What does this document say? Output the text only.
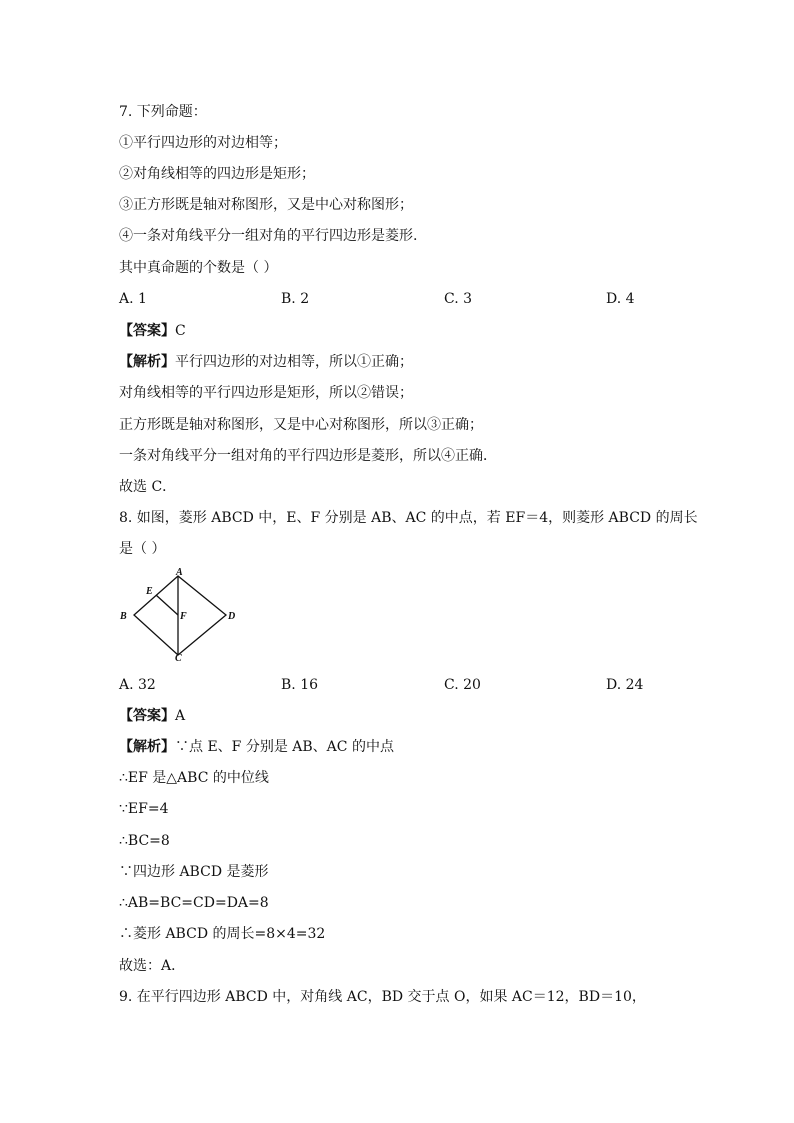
7. 下列命题：
①平行四边形的对边相等；
②对角线相等的四边形是矩形；
③正方形既是轴对称图形，又是中心对称图形；
④一条对角线平分一组对角的平行四边形是菱形.
其中真命题的个数是（ ）
A. 1	B. 2	C. 3	D. 4
【答案】C
【解析】平行四边形的对边相等，所以①正确；
对角线相等的平行四边形是矩形，所以②错误；
正方形既是轴对称图形，又是中心对称图形，所以③正确；
一条对角线平分一组对角的平行四边形是菱形，所以④正确．
故选 C．
8. 如图，菱形 ABCD 中，E、F 分别是 AB、AC 的中点，若 EF＝4，则菱形 ABCD 的周长
是（ ）
A
E
B	F	D
C
A. 32	B. 16	C. 20	D. 24
【答案】A
【解析】∵点 E、F 分别是 AB、AC 的中点
∴EF 是△ABC 的中位线
∵EF=4
∴BC=8
∵四边形 ABCD 是菱形
∴AB=BC=CD=DA=8
∴菱形 ABCD 的周长=8×4=32
故选：A．
9. 在平行四边形 ABCD 中，对角线 AC，BD 交于点 O，如果 AC＝12，BD＝10，
